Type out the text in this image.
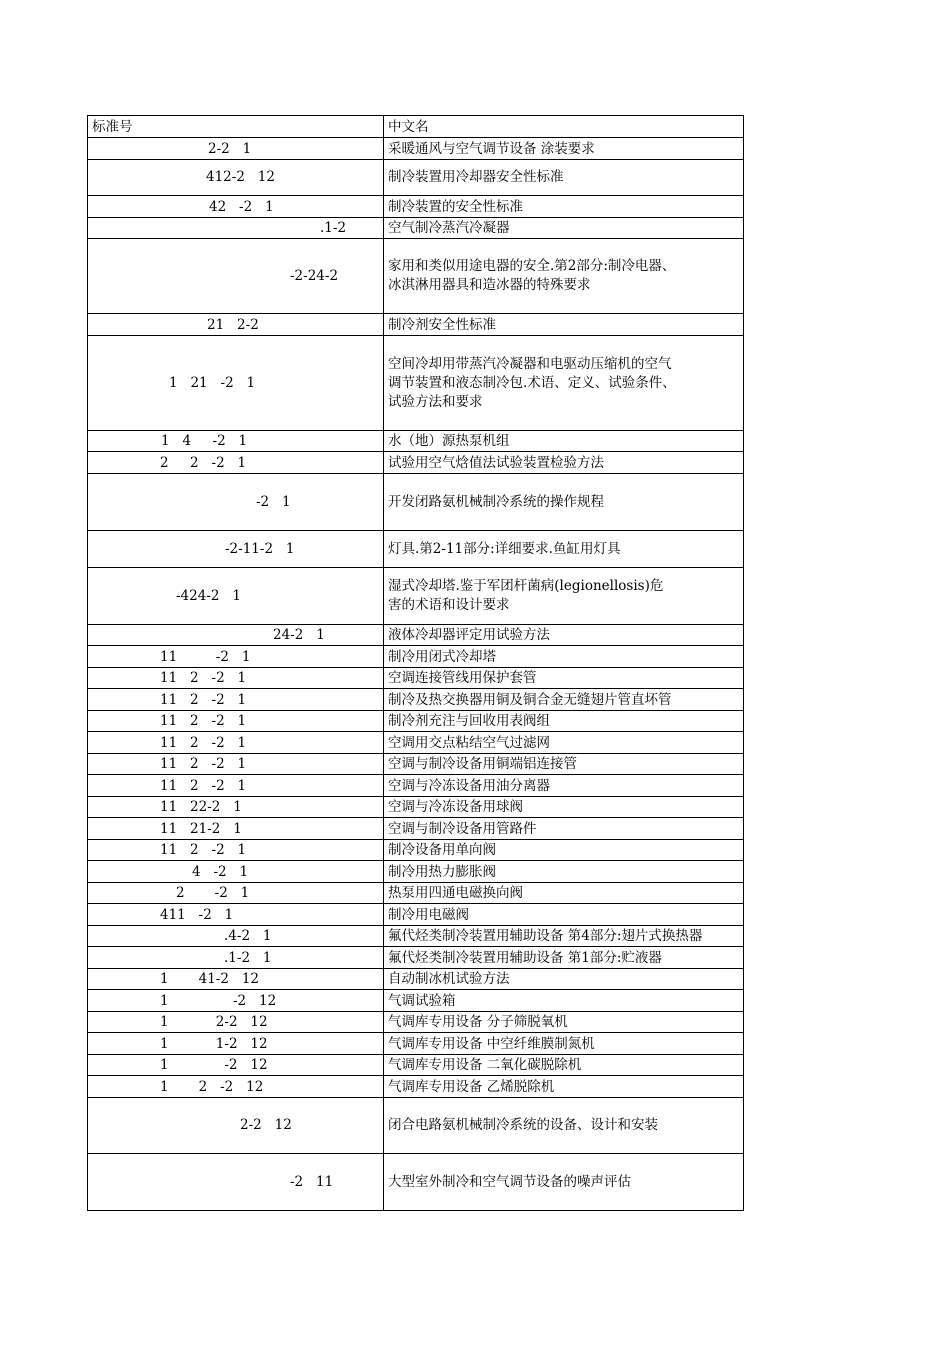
标准号	中文名
2-2   1	采暖通风与空气调节设备 涂装要求
412-2   12	制冷装置用冷却器安全性标准
42   -2   1	制冷装置的安全性标准
.1-2	空气制冷蒸汽冷凝器
-2-24-2	家用和类似用途电器的安全.第2部分:制冷电器、
冰淇淋用器具和造冰器的特殊要求
21   2-2	制冷剂安全性标准
1   21   -2   1	空间冷却用带蒸汽冷凝器和电驱动压缩机的空气
调节装置和液态制冷包.术语、定义、试验条件、
试验方法和要求
1   4     -2   1	水（地）源热泵机组
2     2   -2   1	试验用空气焓值法试验装置检验方法
-2   1	开发闭路氨机械制冷系统的操作规程
-2-11-2   1	灯具.第2-11部分:详细要求.鱼缸用灯具
-424-2   1	湿式冷却塔.鉴于军团杆菌病(legionellosis)危
害的术语和设计要求
24-2   1	液体冷却器评定用试验方法
11         -2   1	制冷用闭式冷却塔
11   2   -2   1	空调连接管线用保护套管
11   2   -2   1	制冷及热交换器用铜及铜合金无缝翅片管直坏管
11   2   -2   1	制冷剂充注与回收用表阀组
11   2   -2   1	空调用交点粘结空气过滤网
11   2   -2   1	空调与制冷设备用铜端铝连接管
11   2   -2   1	空调与冷冻设备用油分离器
11   22-2   1	空调与冷冻设备用球阀
11   21-2   1	空调与制冷设备用管路件
11   2   -2   1	制冷设备用单向阀
4   -2   1	制冷用热力膨胀阀
2       -2   1	热泵用四通电磁换向阀
411   -2   1	制冷用电磁阀
.4-2   1	氟代烃类制冷装置用辅助设备 第4部分:翅片式换热器
.1-2   1	氟代烃类制冷装置用辅助设备 第1部分:贮液器
1       41-2   12	自动制冰机试验方法
1               -2   12	气调试验箱
1           2-2   12	气调库专用设备 分子筛脱氧机
1           1-2   12	气调库专用设备 中空纤维膜制氮机
1             -2   12	气调库专用设备 二氧化碳脱除机
1       2   -2   12	气调库专用设备 乙烯脱除机
2-2   12	闭合电路氨机械制冷系统的设备、设计和安装
-2   11	大型室外制冷和空气调节设备的噪声评估
